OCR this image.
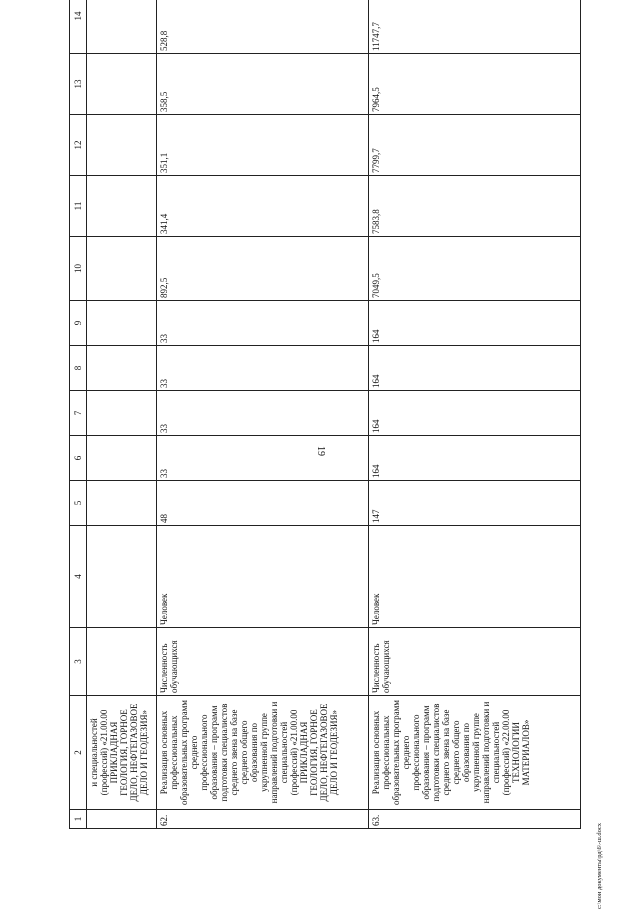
19
1	2	3	4	5	6	7	8	9	10	11	12	13	14
	и специальностей (профессий) «21.00.00 ПРИКЛАДНАЯ ГЕОЛОГИЯ, ГОРНОЕ ДЕЛО, НЕФТЕГАЗОВОЕ ДЕЛО И ГЕОДЕЗИЯ»												
62.	Реализация основных профессиональных образовательных программ среднего профессионального образования – программ подготовки специалистов среднего звена на базе среднего общего образования по укрупненной группе направлений подготовки и специальностей (профессий) «21.00.00 ПРИКЛАДНАЯ ГЕОЛОГИЯ, ГОРНОЕ ДЕЛО, НЕФТЕГАЗОВОЕ ДЕЛО И ГЕОДЕЗИЯ»	Численность обучающихся	Человек	48	33	33	33	33	892,5	341,4	351,1	358,5	528,8
63.	Реализация основных профессиональных образовательных программ среднего профессионального образования – программ подготовки специалистов среднего звена на базе среднего общего образования по укрупненной группе направлений подготовки и специальностей (профессий) «22.00.00 ТЕХНОЛОГИИ МАТЕРИАЛОВ»	Численность обучающихся	Человек	147	164	164	164	164	7049,5	7583,8	7799,7	7964,5	11747,7
c:\мои документы\рд\6\-ш.docx
